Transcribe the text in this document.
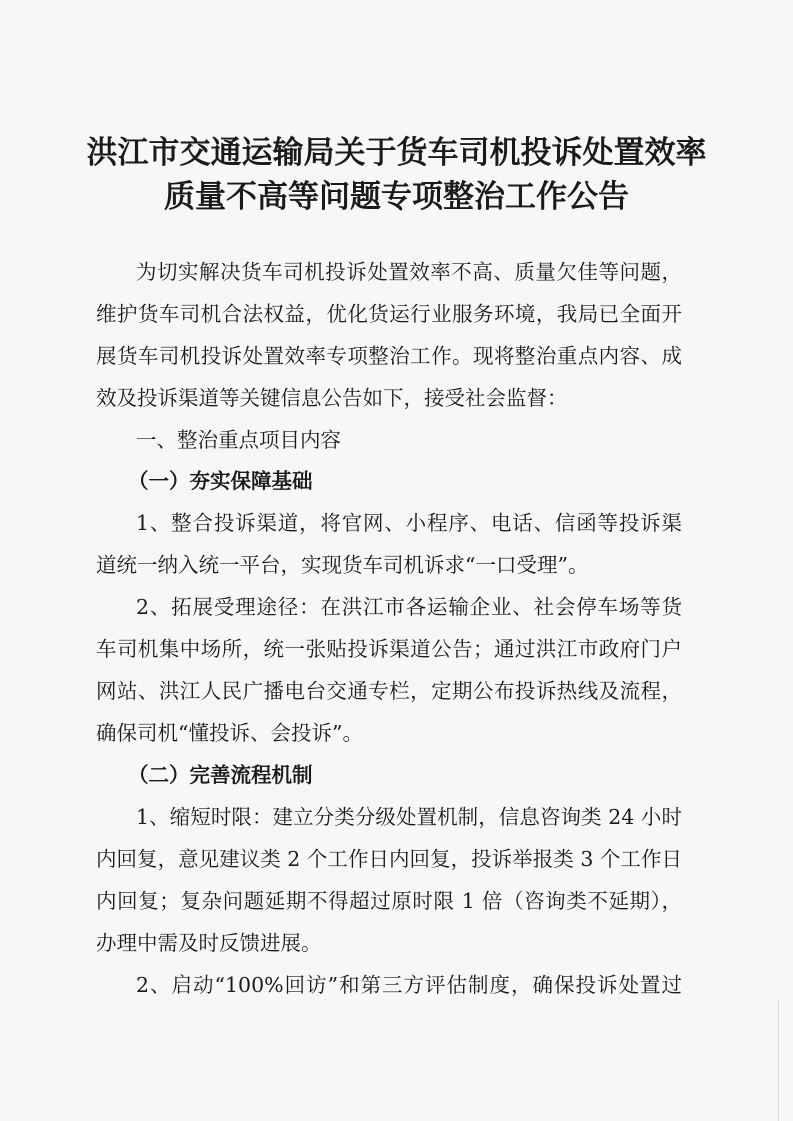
洪江市交通运输局关于货车司机投诉处置效率
质量不高等问题专项整治工作公告
为切实解决货车司机投诉处置效率不高、质量欠佳等问题，
维护货车司机合法权益，优化货运行业服务环境，我局已全面开
展货车司机投诉处置效率专项整治工作。现将整治重点内容、成
效及投诉渠道等关键信息公告如下，接受社会监督：
一、整治重点项目内容
（一）夯实保障基础
1、整合投诉渠道，将官网、小程序、电话、信函等投诉渠
道统一纳入统一平台，实现货车司机诉求“一口受理”。
2、拓展受理途径：在洪江市各运输企业、社会停车场等货
车司机集中场所，统一张贴投诉渠道公告；通过洪江市政府门户
网站、洪江人民广播电台交通专栏，定期公布投诉热线及流程，
确保司机“懂投诉、会投诉”。
（二）完善流程机制
1、缩短时限：建立分类分级处置机制，信息咨询类 24 小时
内回复，意见建议类 2 个工作日内回复，投诉举报类 3 个工作日
内回复；复杂问题延期不得超过原时限 1 倍（咨询类不延期），
办理中需及时反馈进展。
2、启动“100%回访”和第三方评估制度，确保投诉处置过
